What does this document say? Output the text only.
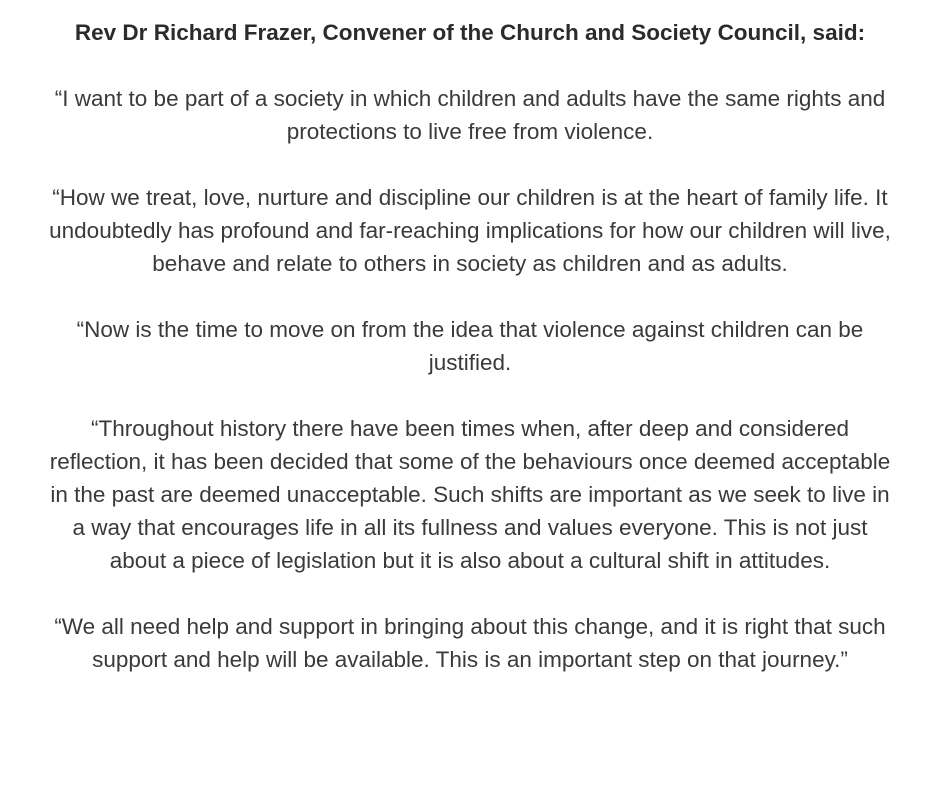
Rev Dr Richard Frazer, Convener of the Church and Society Council, said:

“I want to be part of a society in which children and adults have the same rights and protections to live free from violence.

“How we treat, love, nurture and discipline our children is at the heart of family life. It undoubtedly has profound and far-reaching implications for how our children will live, behave and relate to others in society as children and as adults.

“Now is the time to move on from the idea that violence against children can be justified.

“Throughout history there have been times when, after deep and considered reflection, it has been decided that some of the behaviours once deemed acceptable in the past are deemed unacceptable. Such shifts are important as we seek to live in a way that encourages life in all its fullness and values everyone. This is not just about a piece of legislation but it is also about a cultural shift in attitudes.

“We all need help and support in bringing about this change, and it is right that such support and help will be available. This is an important step on that journey.”
